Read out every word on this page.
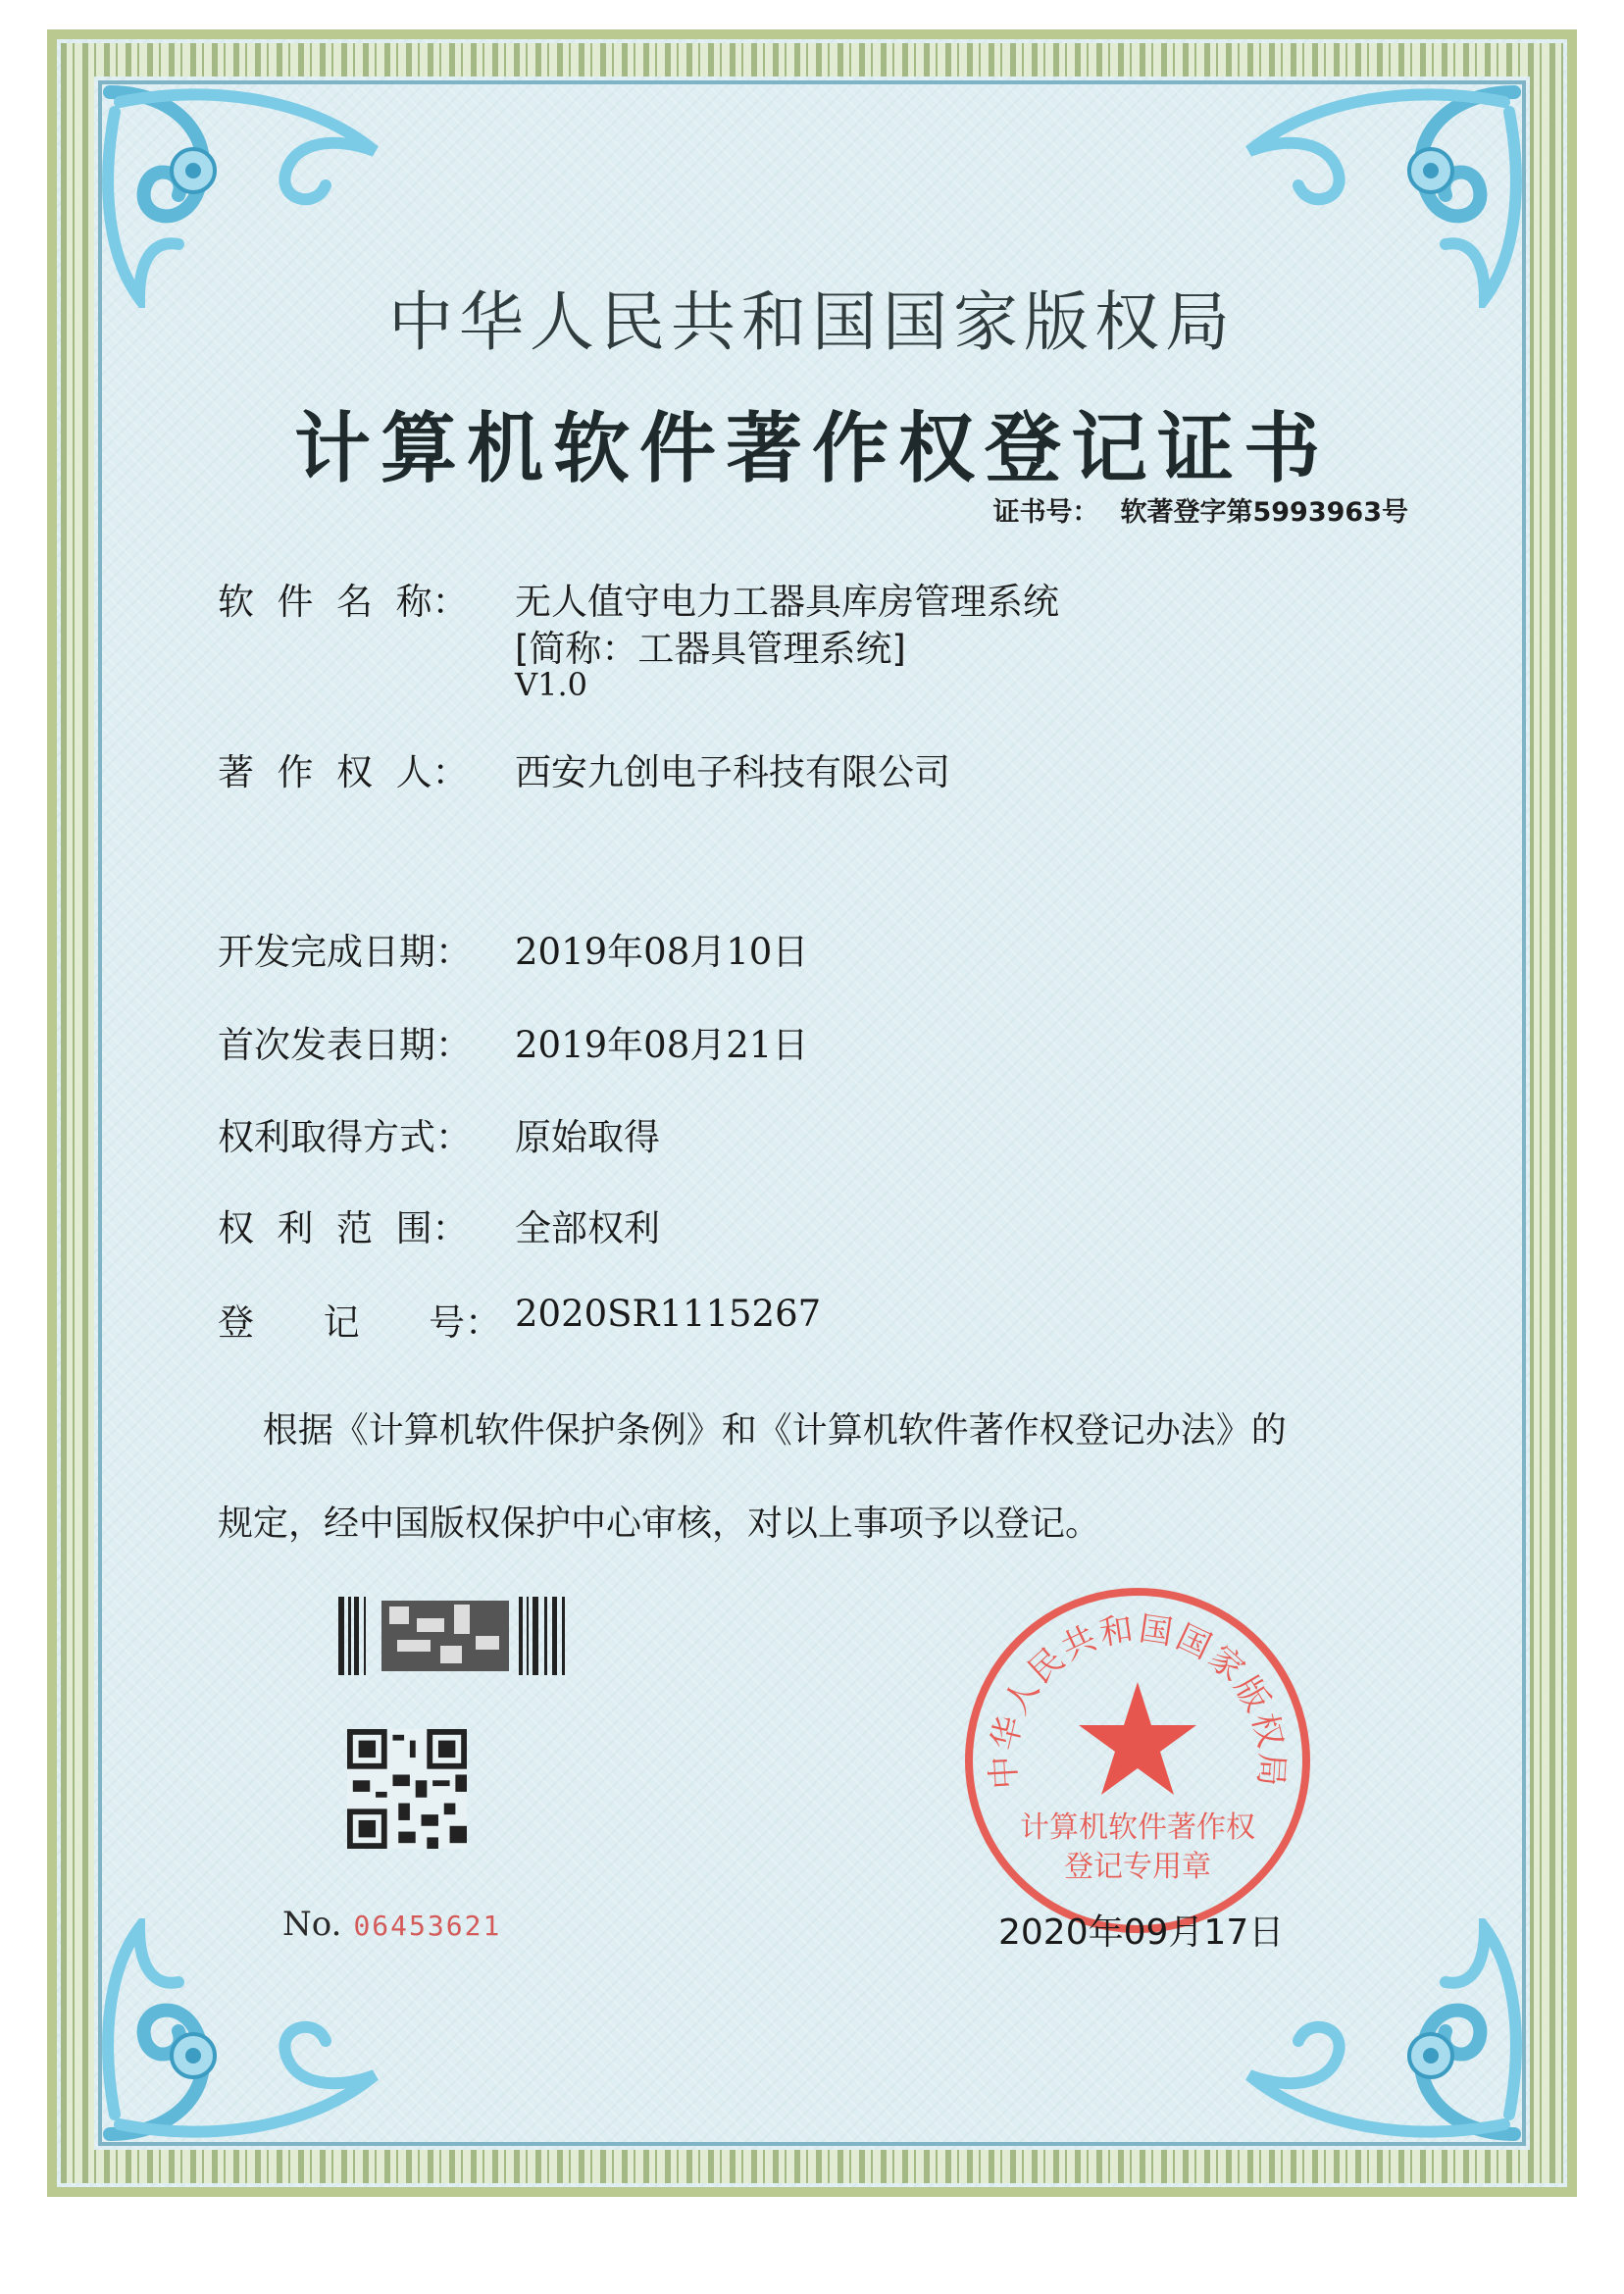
中华人民共和国国家版权局
计算机软件著作权登记证书
证书号： 软著登字第5993963号
软  件  名  称： 无人值守电力工器具库房管理系统
[简称：工器具管理系统]
V1.0
著  作  权  人： 西安九创电子科技有限公司
开发完成日期： 2019年08月10日
首次发表日期： 2019年08月21日
权利取得方式： 原始取得
权  利  范  围： 全部权利
登      记      号： 2020SR1115267
根据《计算机软件保护条例》和《计算机软件著作权登记办法》的
规定，经中国版权保护中心审核，对以上事项予以登记。
No. 06453621
中华人民共和国国家版权局
计算机软件著作权
登记专用章
2020年09月17日
